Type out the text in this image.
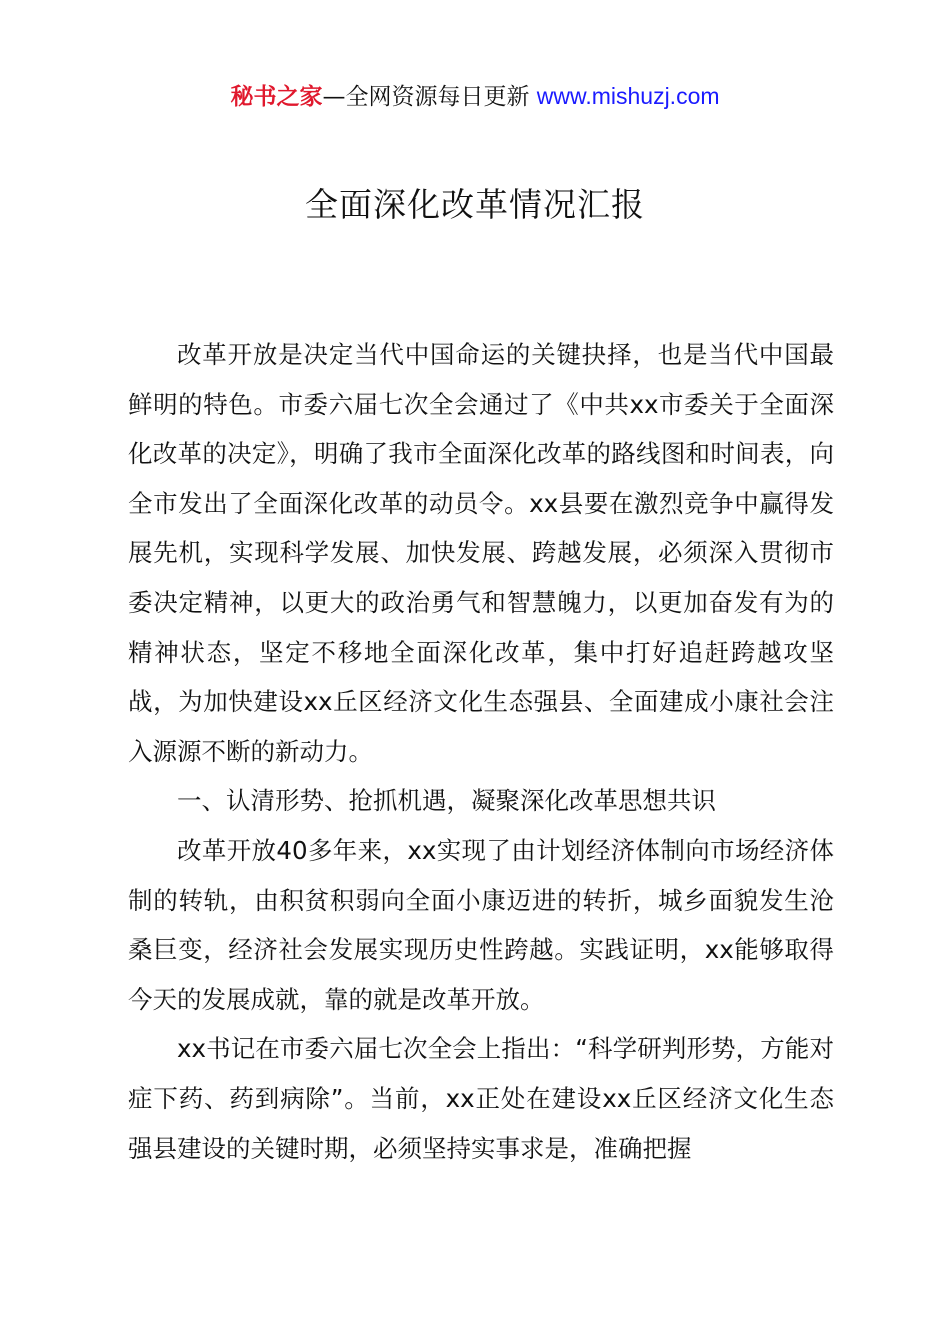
秘书之家—全网资源每日更新 www.mishuzj.com
全面深化改革情况汇报

改革开放是决定当代中国命运的关键抉择，也是当代中国最鲜明的特色。市委六届七次全会通过了《中共xx市委关于全面深化改革的决定》，明确了我市全面深化改革的路线图和时间表，向全市发出了全面深化改革的动员令。xx县要在激烈竞争中赢得发展先机，实现科学发展、加快发展、跨越发展，必须深入贯彻市委决定精神，以更大的政治勇气和智慧魄力，以更加奋发有为的精神状态，坚定不移地全面深化改革，集中打好追赶跨越攻坚战，为加快建设xx丘区经济文化生态强县、全面建成小康社会注入源源不断的新动力。

一、认清形势、抢抓机遇，凝聚深化改革思想共识

改革开放40多年来，xx实现了由计划经济体制向市场经济体制的转轨，由积贫积弱向全面小康迈进的转折，城乡面貌发生沧桑巨变，经济社会发展实现历史性跨越。实践证明，xx能够取得今天的发展成就，靠的就是改革开放。

xx书记在市委六届七次全会上指出：“科学研判形势，方能对症下药、药到病除”。当前，xx正处在建设xx丘区经济文化生态强县建设的关键时期，必须坚持实事求是，准确把握
